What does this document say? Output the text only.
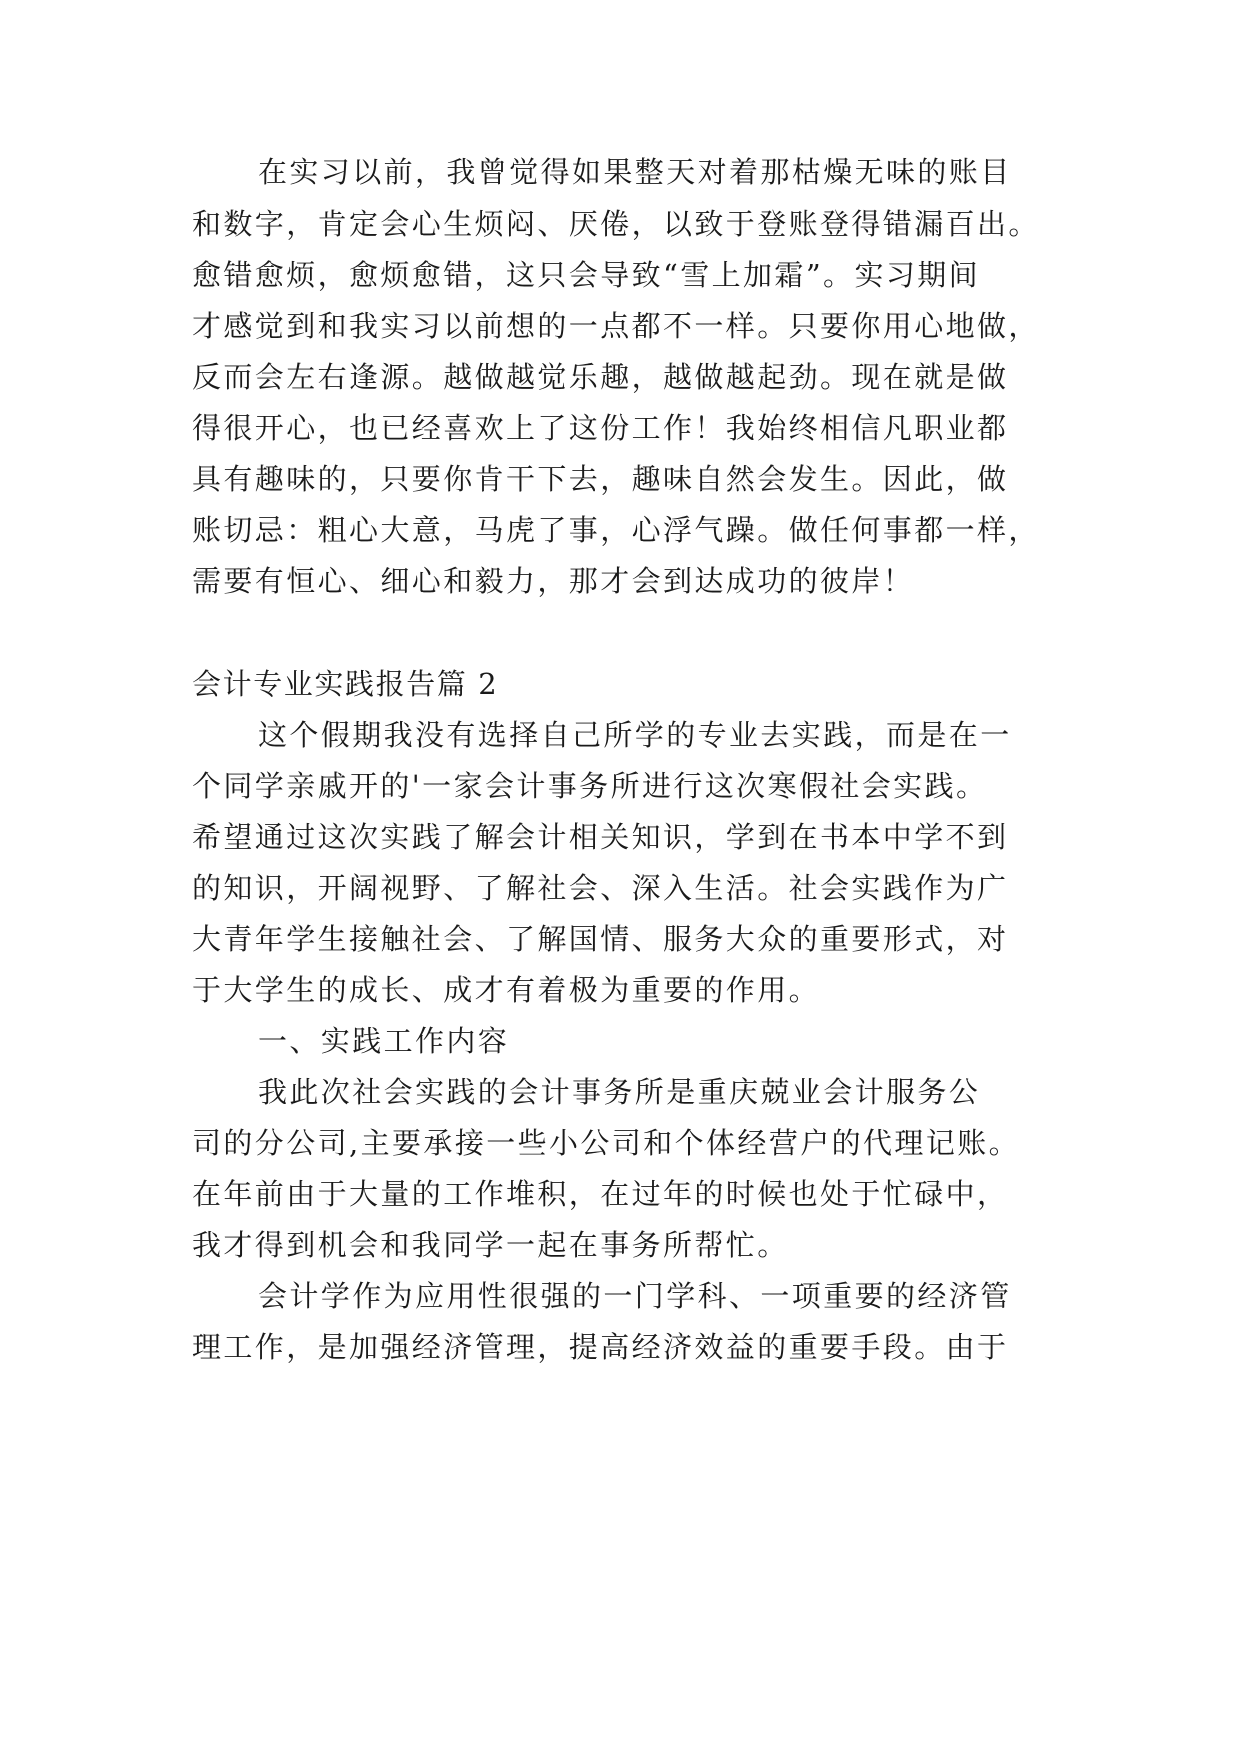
在实习以前，我曾觉得如果整天对着那枯燥无味的账目
和数字，肯定会心生烦闷、厌倦，以致于登账登得错漏百出。
愈错愈烦，愈烦愈错，这只会导致“雪上加霜”。实习期间
才感觉到和我实习以前想的一点都不一样。只要你用心地做，
反而会左右逢源。越做越觉乐趣，越做越起劲。现在就是做
得很开心，也已经喜欢上了这份工作！我始终相信凡职业都
具有趣味的，只要你肯干下去，趣味自然会发生。因此，做
账切忌：粗心大意，马虎了事，心浮气躁。做任何事都一样，
需要有恒心、细心和毅力，那才会到达成功的彼岸！
会计专业实践报告篇 2
这个假期我没有选择自己所学的专业去实践，而是在一
个同学亲戚开的'一家会计事务所进行这次寒假社会实践。
希望通过这次实践了解会计相关知识，学到在书本中学不到
的知识，开阔视野、了解社会、深入生活。社会实践作为广
大青年学生接触社会、了解国情、服务大众的重要形式，对
于大学生的成长、成才有着极为重要的作用。
一、实践工作内容
我此次社会实践的会计事务所是重庆兢业会计服务公
司的分公司,主要承接一些小公司和个体经营户的代理记账。
在年前由于大量的工作堆积，在过年的时候也处于忙碌中，
我才得到机会和我同学一起在事务所帮忙。
会计学作为应用性很强的一门学科、一项重要的经济管
理工作，是加强经济管理，提高经济效益的重要手段。由于
